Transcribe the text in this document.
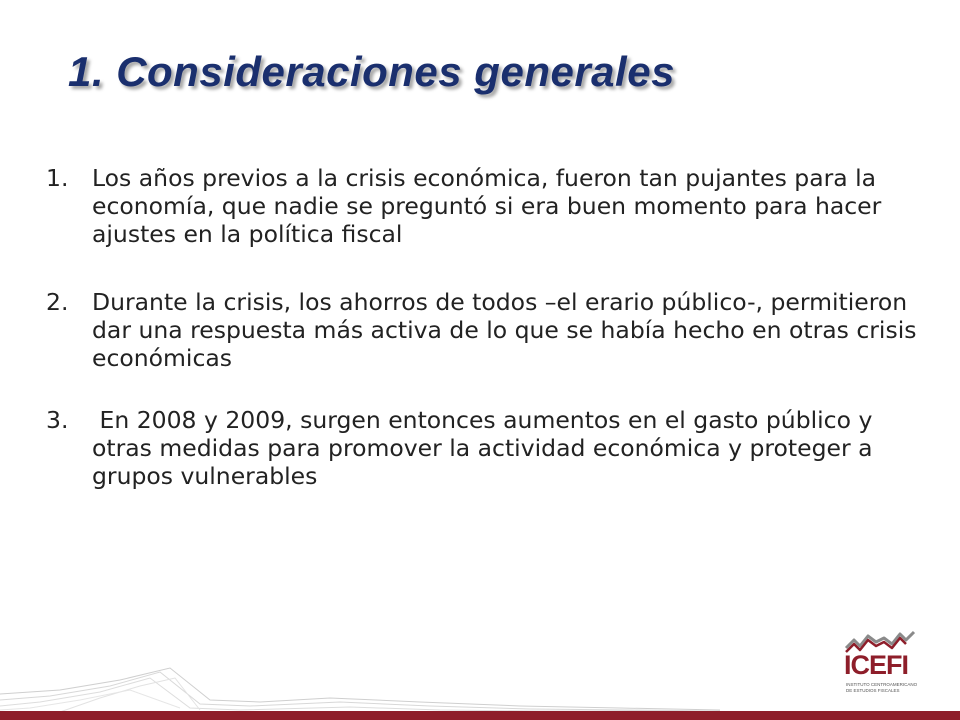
1. Consideraciones generales
1. Los años previos a la crisis económica, fueron tan pujantes para la economía, que nadie se preguntó si era buen momento para hacer ajustes en la política fiscal
2. Durante la crisis, los ahorros de todos –el erario público-, permitieron dar una respuesta más activa de lo que se había hecho en otras crisis económicas
3. En 2008 y 2009, surgen entonces aumentos en el gasto público y otras medidas para promover la actividad económica y proteger a grupos vulnerables
ICEFI
INSTITUTO CENTROAMERICANO DE ESTUDIOS FISCALES
